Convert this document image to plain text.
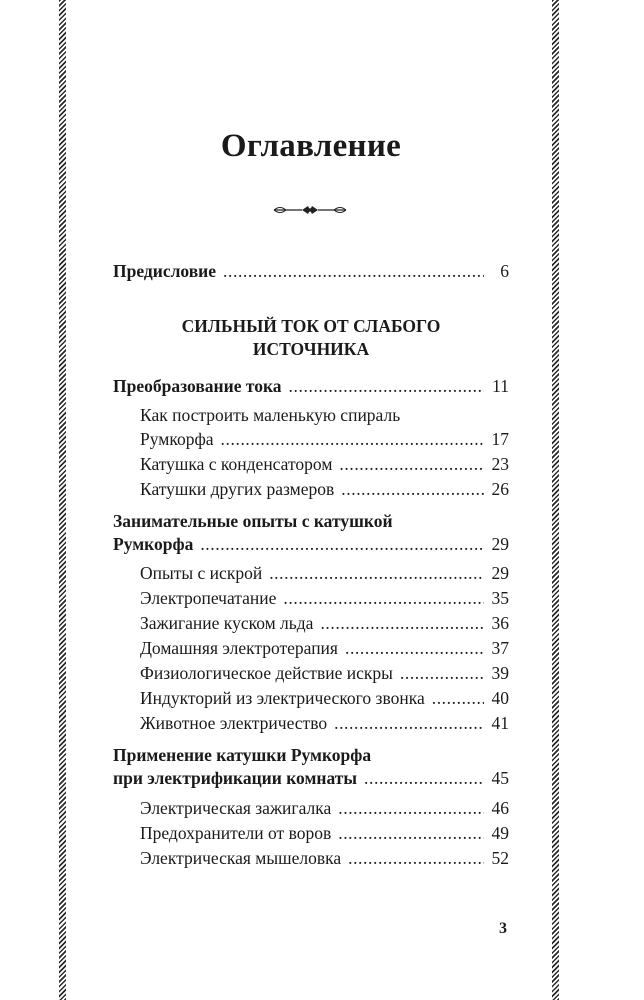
Оглавление
Предисловие .....	6
СИЛЬНЫЙ ТОК ОТ СЛАБОГО
ИСТОЧНИКА
Преобразование тока .....	11
Как построить маленькую спираль
Румкорфа .....	17
Катушка с конденсатором .....	23
Катушки других размеров .....	26
Занимательные опыты с катушкой
Румкорфа .....	29
Опыты с искрой .....	29
Электропечатание .....	35
Зажигание куском льда .....	36
Домашняя электротерапия .....	37
Физиологическое действие искры .....	39
Индукторий из электрического звонка .....	40
Животное электричество .....	41
Применение катушки Румкорфа
при электрификации комнаты .....	45
Электрическая зажигалка .....	46
Предохранители от воров .....	49
Электрическая мышеловка .....	52
3
